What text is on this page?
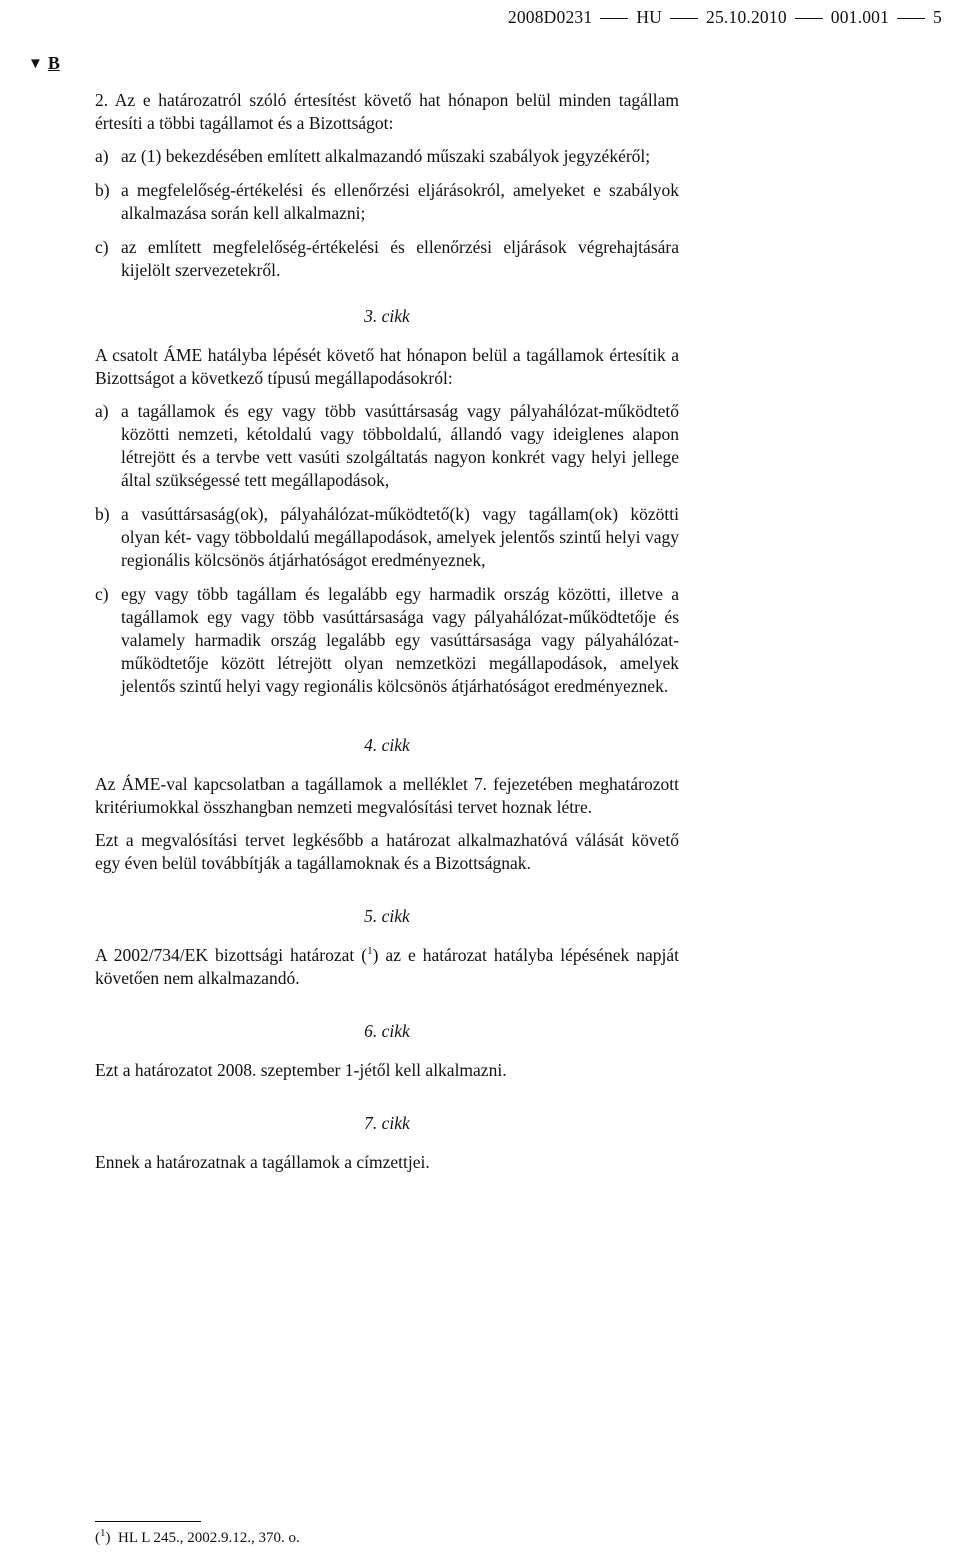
2008D0231	HU	25.10.2010	001.001	5
▼ B

2. Az e határozatról szóló értesítést követő hat hónapon belül minden tagállam értesíti a többi tagállamot és a Bizottságot:

a) az (1) bekezdésében említett alkalmazandó műszaki szabályok jegyzékéről;
b) a megfelelőség-értékelési és ellenőrzési eljárásokról, amelyeket e szabályok alkalmazása során kell alkalmazni;
c) az említett megfelelőség-értékelési és ellenőrzési eljárások végrehajtására kijelölt szervezetekről.
3. cikk

A csatolt ÁME hatályba lépését követő hat hónapon belül a tagállamok értesítik a Bizottságot a következő típusú megállapodásokról:

a) a tagállamok és egy vagy több vasúttársaság vagy pályahálózat-működtető közötti nemzeti, kétoldalú vagy többoldalú, állandó vagy ideiglenes alapon létrejött és a tervbe vett vasúti szolgáltatás nagyon konkrét vagy helyi jellege által szükségessé tett megállapodások,
b) a vasúttársaság(ok), pályahálózat-működtető(k) vagy tagállam(ok) közötti olyan két- vagy többoldalú megállapodások, amelyek jelentős szintű helyi vagy regionális kölcsönös átjárhatóságot eredményeznek,
c) egy vagy több tagállam és legalább egy harmadik ország közötti, illetve a tagállamok egy vagy több vasúttársasága vagy pályahálózat-működtetője és valamely harmadik ország legalább egy vasúttársasága vagy pályahálózat-működtetője között létrejött olyan nemzetközi megállapodások, amelyek jelentős szintű helyi vagy regionális kölcsönös átjárhatóságot eredményeznek.
4. cikk

Az ÁME-val kapcsolatban a tagállamok a melléklet 7. fejezetében meghatározott kritériumokkal összhangban nemzeti megvalósítási tervet hoznak létre.

Ezt a megvalósítási tervet legkésőbb a határozat alkalmazhatóvá válását követő egy éven belül továbbítják a tagállamoknak és a Bizottságnak.

5. cikk

A 2002/734/EK bizottsági határozat ($^1$) az e határozat hatályba lépésének napját követően nem alkalmazandó.

6. cikk

Ezt a határozatot 2008. szeptember 1-jétől kell alkalmazni.

7. cikk

Ennek a határozatnak a tagállamok a címzettjei.

($^1$) HL L 245., 2002.9.12., 370. o.
